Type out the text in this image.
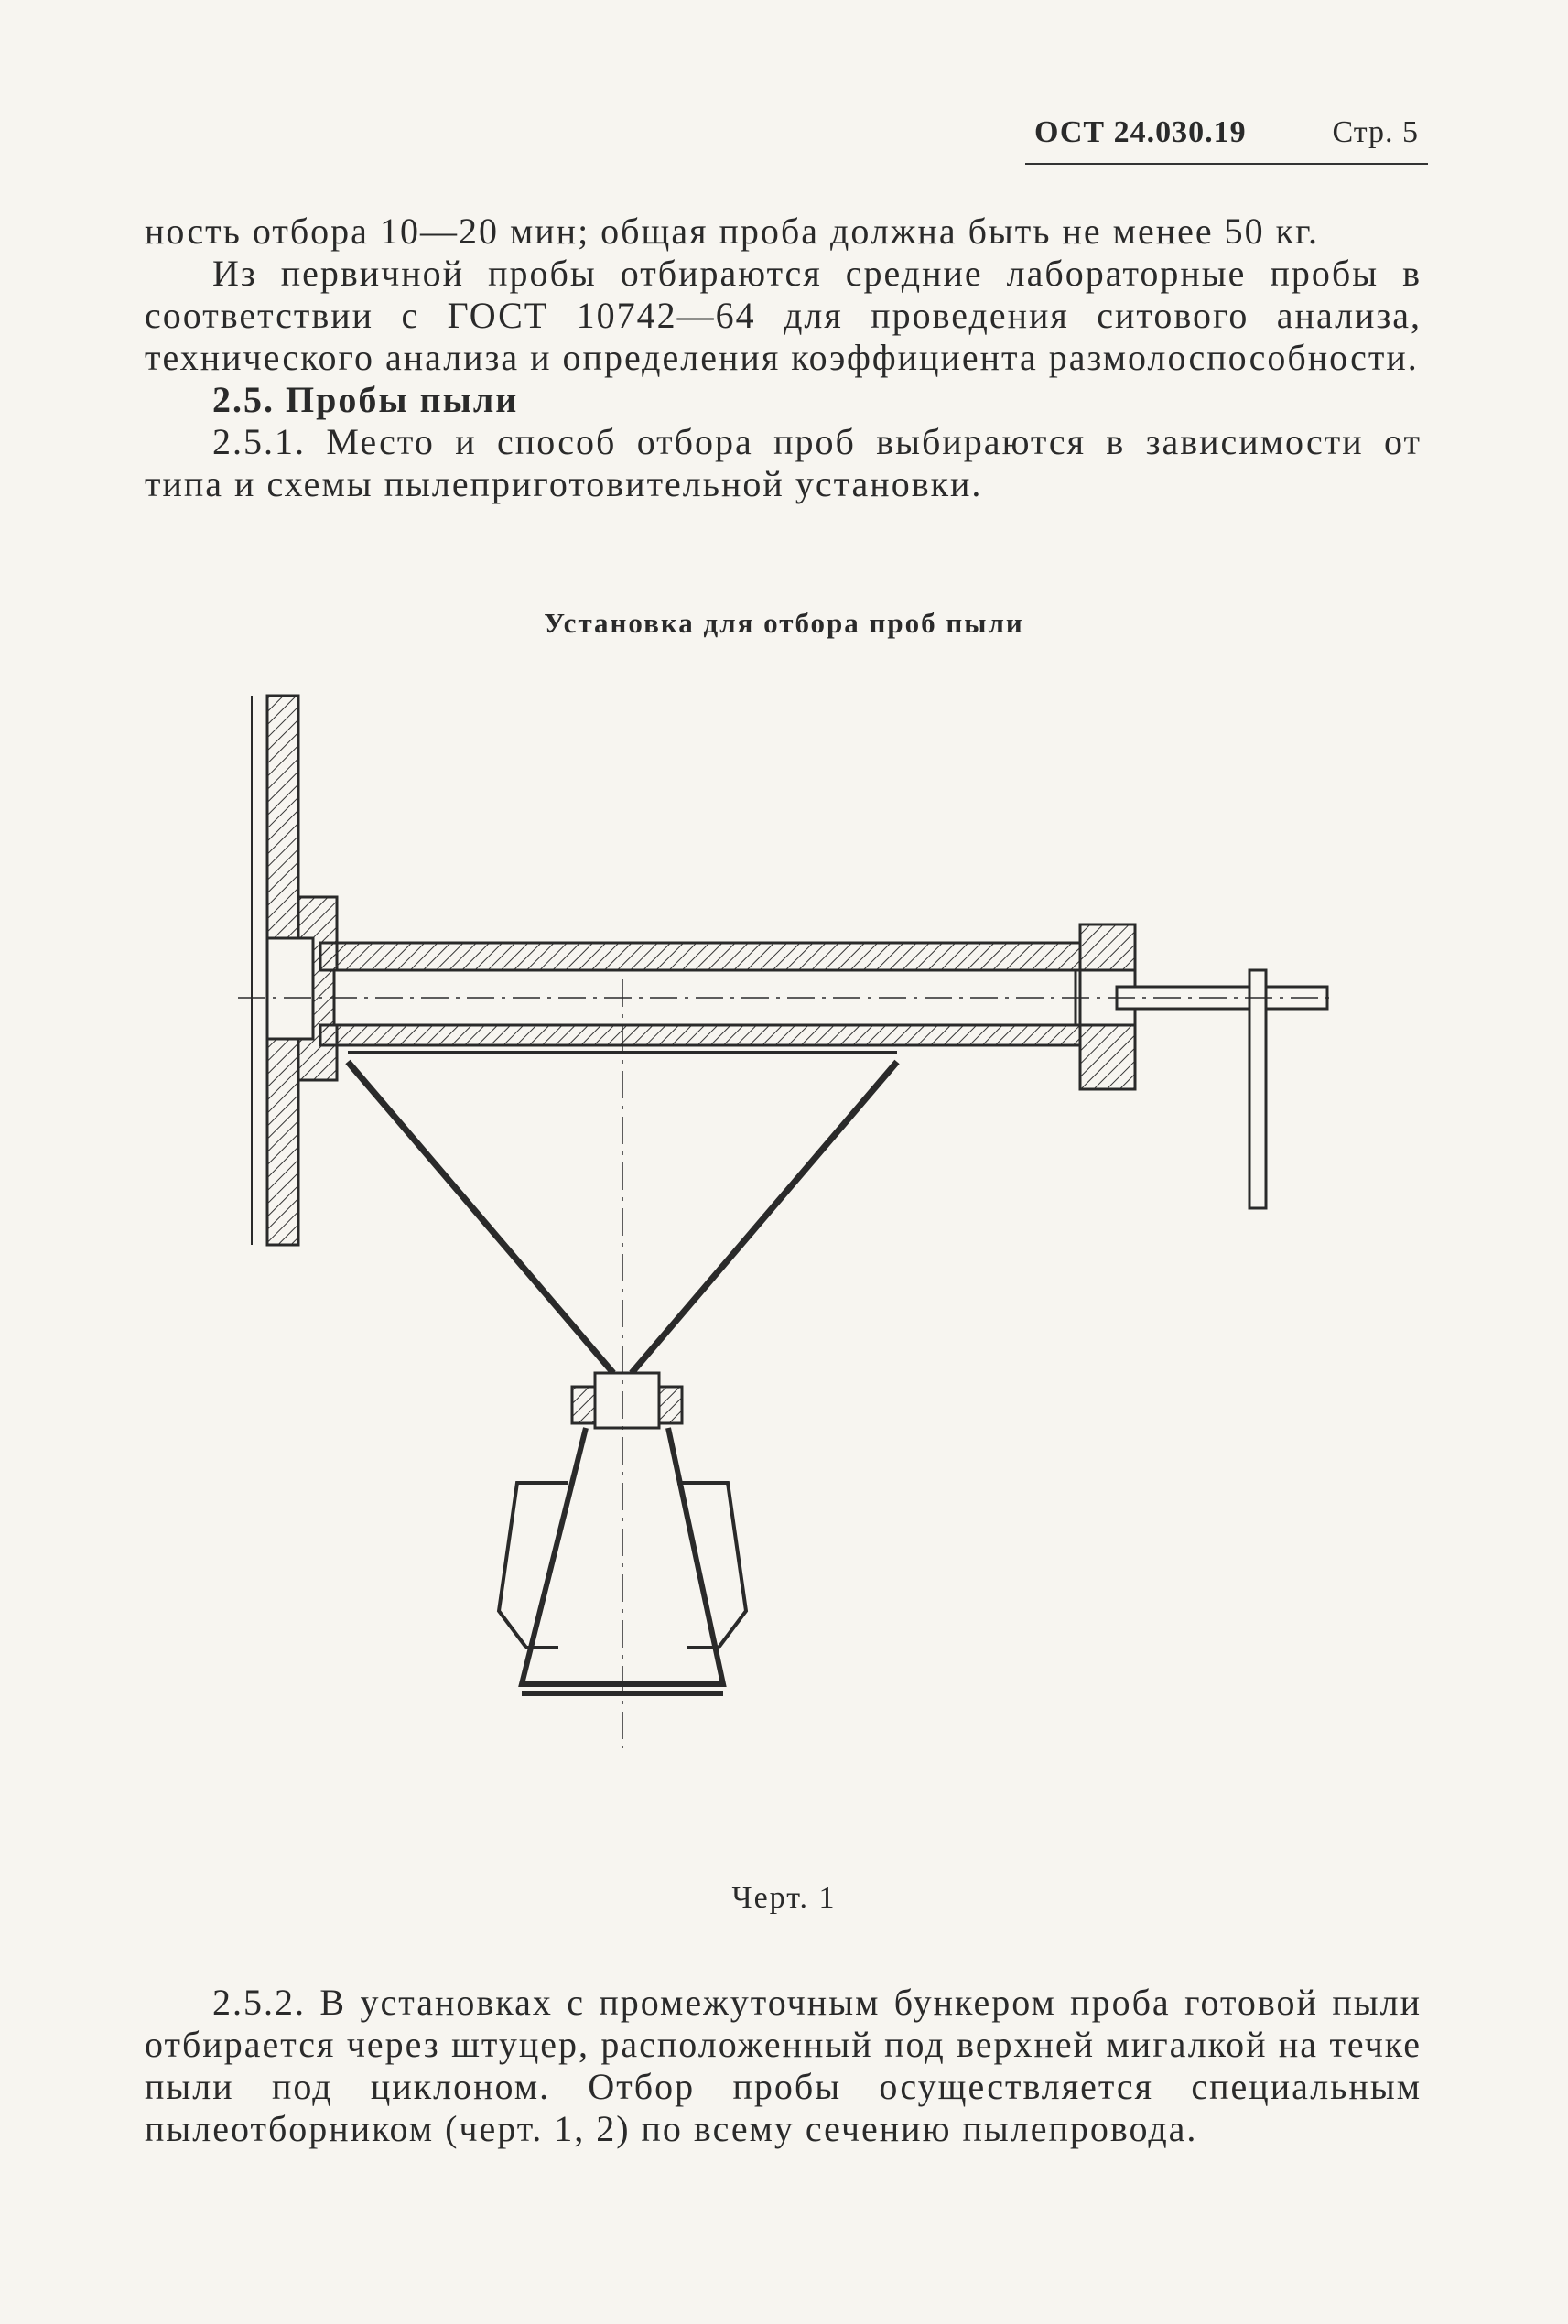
ОСТ 24.030.19	Стр. 5

ность отбора 10—20 мин; общая проба должна быть не менее 50 кг.

Из первичной пробы отбираются средние лабораторные пробы в соответствии с ГОСТ 10742—64 для проведения ситового анализа, технического анализа и определения коэффициента размолоспособности.

2.5. Пробы пыли

2.5.1. Место и способ отбора проб выбираются в зависимости от типа и схемы пылеприготовительной установки.

Установка для отбора проб пыли
Черт. 1

2.5.2. В установках с промежуточным бункером проба готовой пыли отбирается через штуцер, расположенный под верхней мигалкой на течке пыли под циклоном. Отбор пробы осуществляется специальным пылеотборником (черт. 1, 2) по всему сечению пылепровода.
